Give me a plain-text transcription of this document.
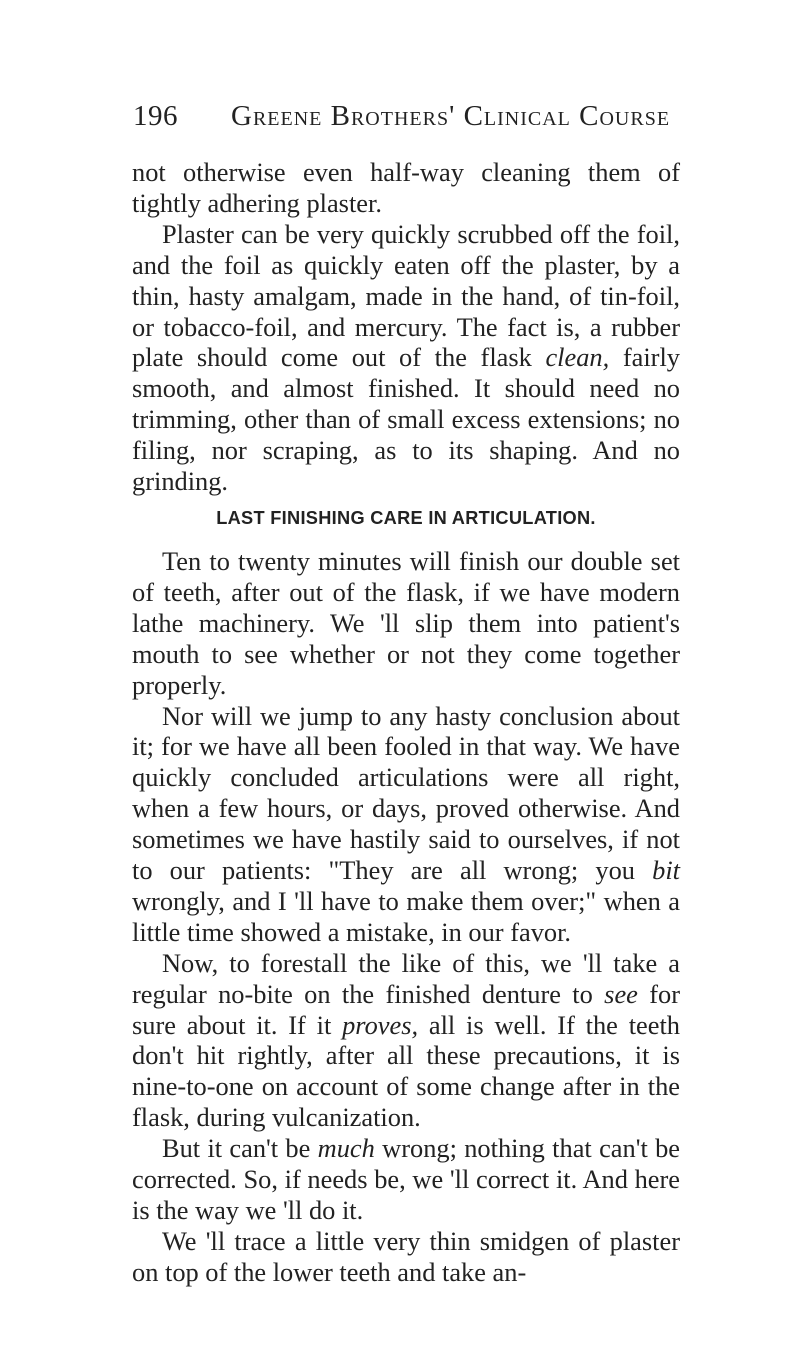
196 Greene Brothers' Clinical Course

not otherwise even half-way cleaning them of tightly adhering plaster.

Plaster can be very quickly scrubbed off the foil, and the foil as quickly eaten off the plaster, by a thin, hasty amalgam, made in the hand, of tin-foil, or tobacco-foil, and mercury. The fact is, a rubber plate should come out of the flask clean, fairly smooth, and almost finished. It should need no trimming, other than of small excess extensions; no filing, nor scraping, as to its shaping. And no grinding.

LAST FINISHING CARE IN ARTICULATION.

Ten to twenty minutes will finish our double set of teeth, after out of the flask, if we have modern lathe machinery. We 'll slip them into patient's mouth to see whether or not they come together properly.

Nor will we jump to any hasty conclusion about it; for we have all been fooled in that way. We have quickly concluded articulations were all right, when a few hours, or days, proved otherwise. And sometimes we have hastily said to ourselves, if not to our patients: "They are all wrong; you bit wrongly, and I 'll have to make them over;" when a little time showed a mistake, in our favor.

Now, to forestall the like of this, we 'll take a regular no-bite on the finished denture to see for sure about it. If it proves, all is well. If the teeth don't hit rightly, after all these precautions, it is nine-to-one on account of some change after in the flask, during vulcanization.

But it can't be much wrong; nothing that can't be corrected. So, if needs be, we 'll correct it. And here is the way we 'll do it.

We 'll trace a little very thin smidgen of plaster on top of the lower teeth and take an-
